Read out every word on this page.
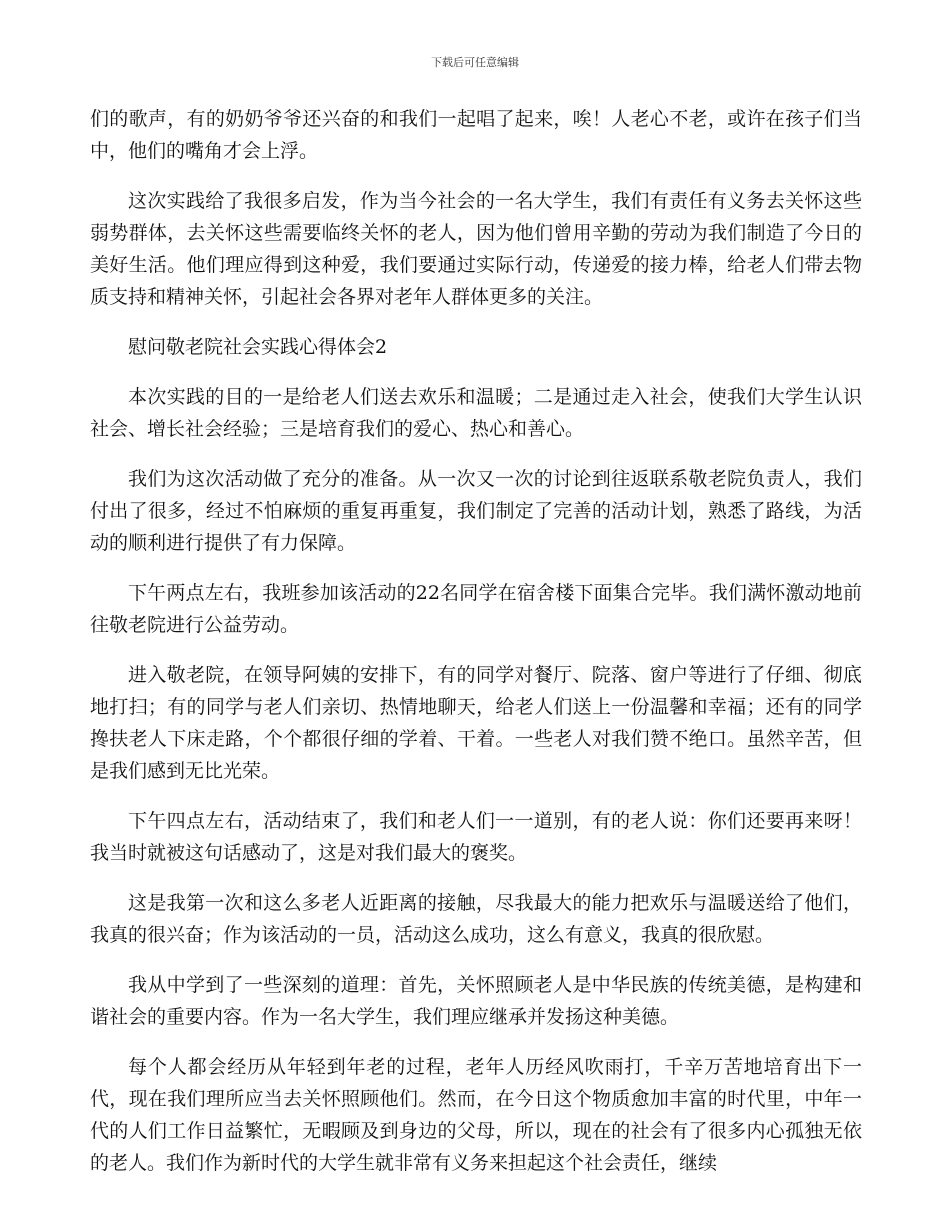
下载后可任意编辑

们的歌声，有的奶奶爷爷还兴奋的和我们一起唱了起来，唉！人老心不老，或许在孩子们当中，他们的嘴角才会上浮。

这次实践给了我很多启发，作为当今社会的一名大学生，我们有责任有义务去关怀这些弱势群体，去关怀这些需要临终关怀的老人，因为他们曾用辛勤的劳动为我们制造了今日的美好生活。他们理应得到这种爱，我们要通过实际行动，传递爱的接力棒，给老人们带去物质支持和精神关怀，引起社会各界对老年人群体更多的关注。

慰问敬老院社会实践心得体会2

本次实践的目的一是给老人们送去欢乐和温暖；二是通过走入社会，使我们大学生认识社会、增长社会经验；三是培育我们的爱心、热心和善心。

我们为这次活动做了充分的准备。从一次又一次的讨论到往返联系敬老院负责人，我们付出了很多，经过不怕麻烦的重复再重复，我们制定了完善的活动计划，熟悉了路线，为活动的顺利进行提供了有力保障。

下午两点左右，我班参加该活动的22名同学在宿舍楼下面集合完毕。我们满怀激动地前往敬老院进行公益劳动。

进入敬老院，在领导阿姨的安排下，有的同学对餐厅、院落、窗户等进行了仔细、彻底地打扫；有的同学与老人们亲切、热情地聊天，给老人们送上一份温馨和幸福；还有的同学搀扶老人下床走路，个个都很仔细的学着、干着。一些老人对我们赞不绝口。虽然辛苦，但是我们感到无比光荣。

下午四点左右，活动结束了，我们和老人们一一道别，有的老人说：你们还要再来呀！我当时就被这句话感动了，这是对我们最大的褒奖。

这是我第一次和这么多老人近距离的接触，尽我最大的能力把欢乐与温暖送给了他们，我真的很兴奋；作为该活动的一员，活动这么成功，这么有意义，我真的很欣慰。

我从中学到了一些深刻的道理：首先，关怀照顾老人是中华民族的传统美德，是构建和谐社会的重要内容。作为一名大学生，我们理应继承并发扬这种美德。

每个人都会经历从年轻到年老的过程，老年人历经风吹雨打，千辛万苦地培育出下一代，现在我们理所应当去关怀照顾他们。然而，在今日这个物质愈加丰富的时代里，中年一代的人们工作日益繁忙，无暇顾及到身边的父母，所以，现在的社会有了很多内心孤独无依的老人。我们作为新时代的大学生就非常有义务来担起这个社会责任，继续
